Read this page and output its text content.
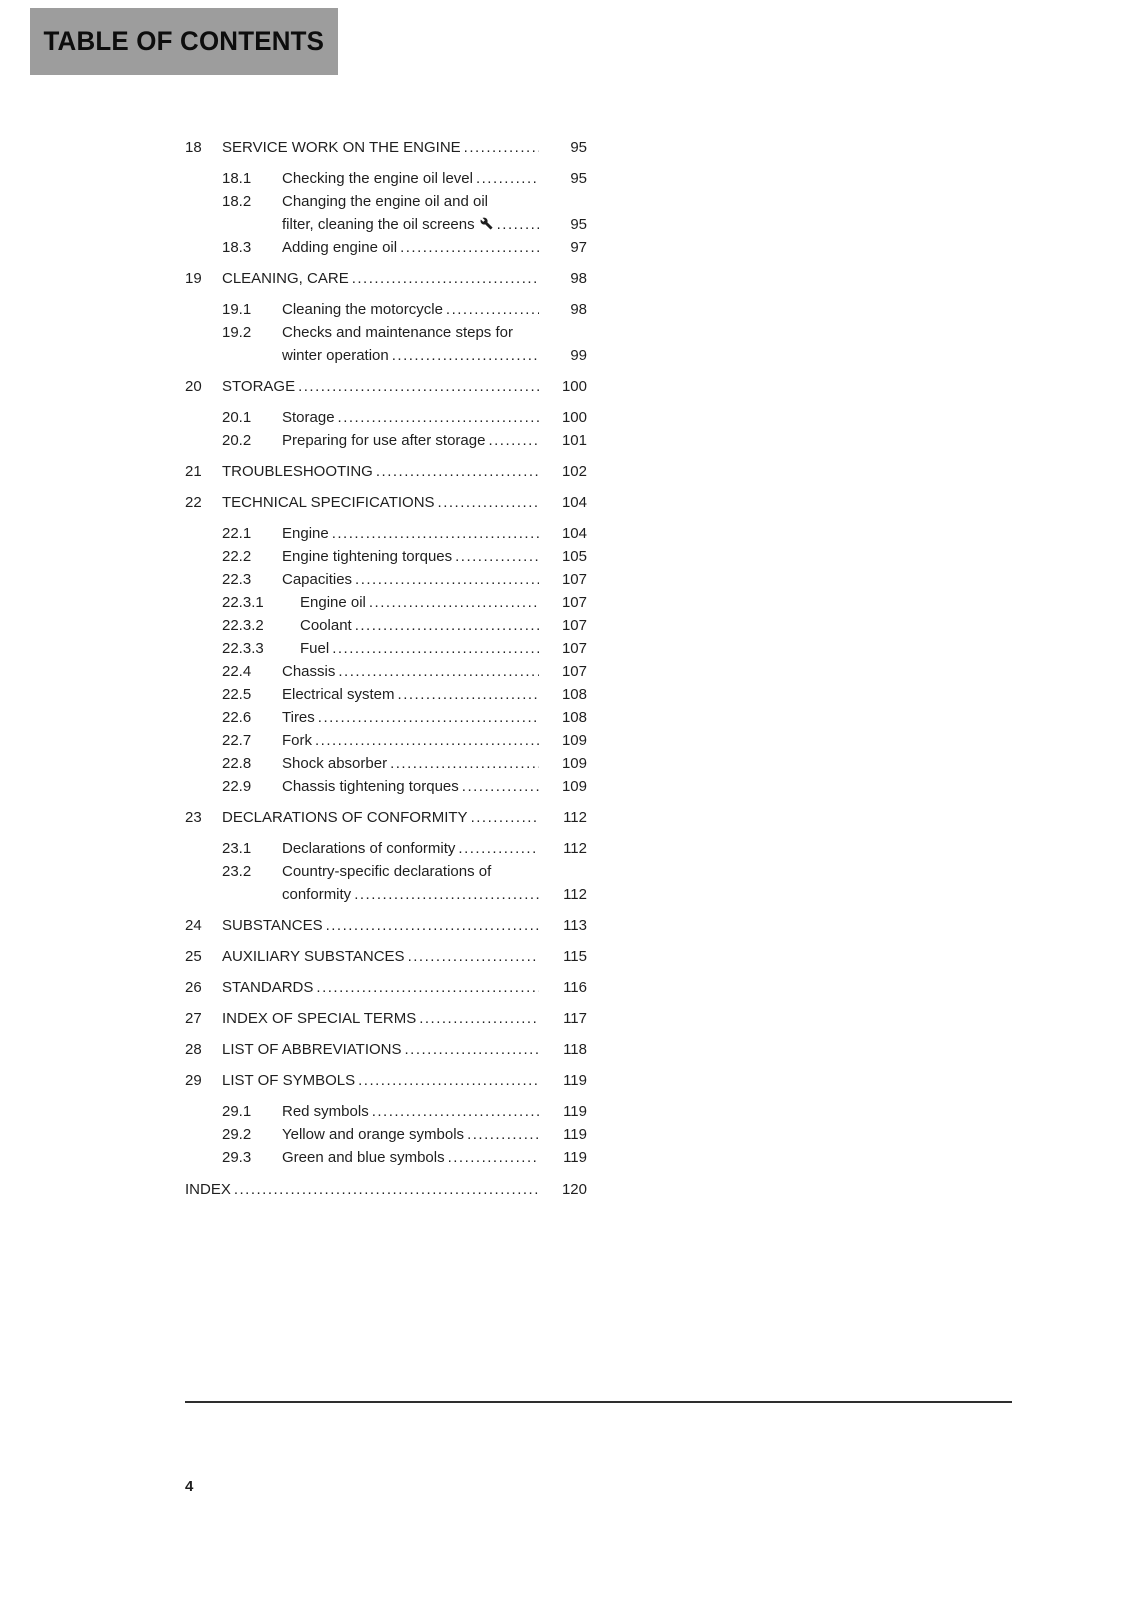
TABLE OF CONTENTS
18	SERVICE WORK ON THE ENGINE .....	95
18.1	Checking the engine oil level .....	95
18.2	Changing the engine oil and oil
filter, cleaning the oil screens .....	95
18.3	Adding engine oil .....	97
19	CLEANING, CARE .....	98
19.1	Cleaning the motorcycle .....	98
19.2	Checks and maintenance steps for
winter operation .....	99
20	STORAGE .....	100
20.1	Storage .....	100
20.2	Preparing for use after storage .....	101
21	TROUBLESHOOTING .....	102
22	TECHNICAL SPECIFICATIONS .....	104
22.1	Engine .....	104
22.2	Engine tightening torques .....	105
22.3	Capacities .....	107
22.3.1	Engine oil .....	107
22.3.2	Coolant .....	107
22.3.3	Fuel .....	107
22.4	Chassis .....	107
22.5	Electrical system .....	108
22.6	Tires .....	108
22.7	Fork .....	109
22.8	Shock absorber .....	109
22.9	Chassis tightening torques .....	109
23	DECLARATIONS OF CONFORMITY .....	112
23.1	Declarations of conformity .....	112
23.2	Country-specific declarations of
conformity .....	112
24	SUBSTANCES .....	113
25	AUXILIARY SUBSTANCES .....	115
26	STANDARDS .....	116
27	INDEX OF SPECIAL TERMS .....	117
28	LIST OF ABBREVIATIONS .....	118
29	LIST OF SYMBOLS .....	119
29.1	Red symbols .....	119
29.2	Yellow and orange symbols .....	119
29.3	Green and blue symbols .....	119
INDEX .....	120
4
